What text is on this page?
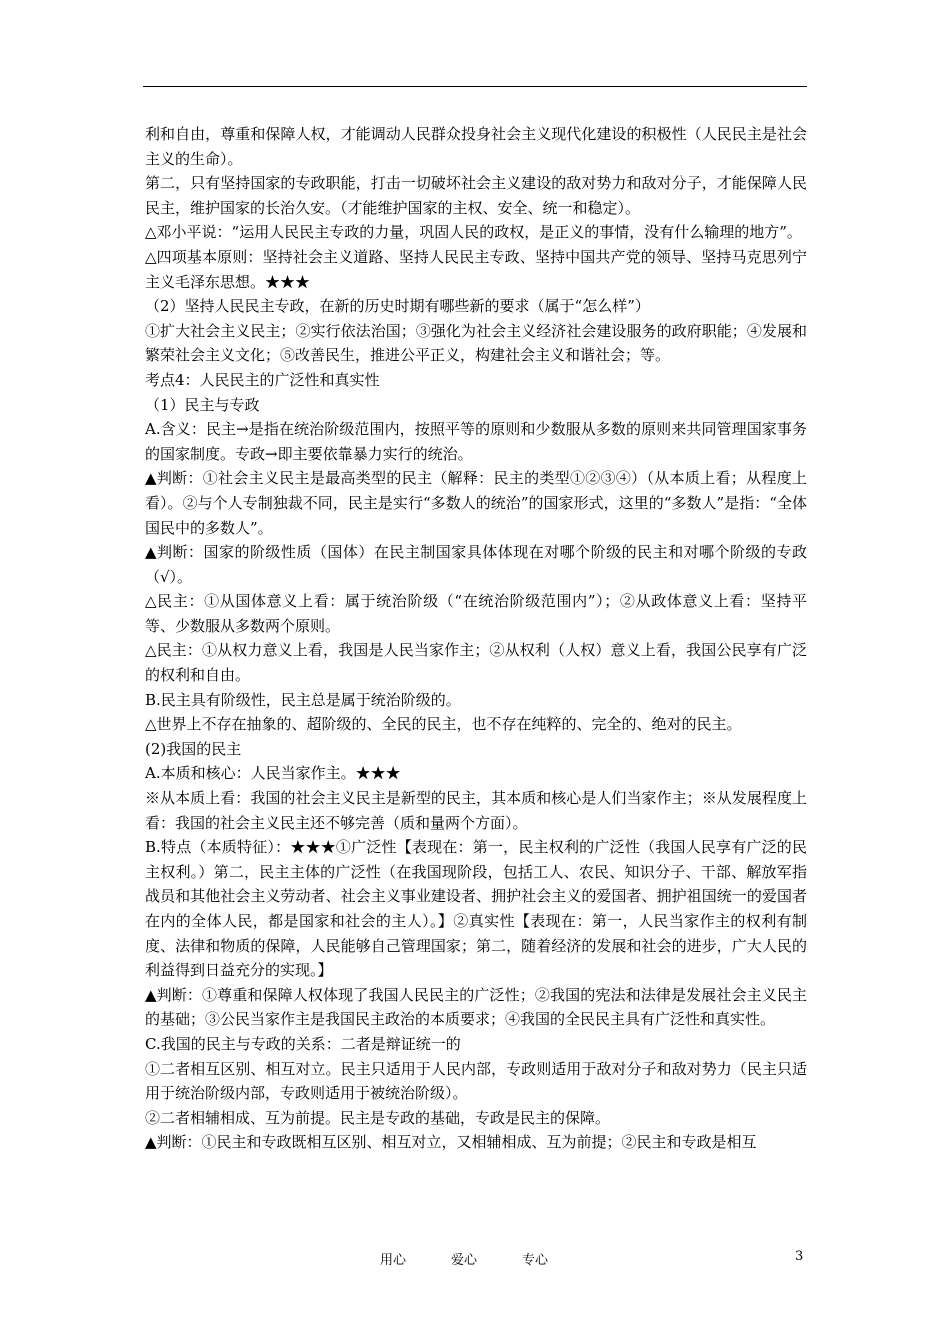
利和自由，尊重和保障人权，才能调动人民群众投身社会主义现代化建设的积极性（人民民主是社会主义的生命）。

第二，只有坚持国家的专政职能，打击一切破坏社会主义建设的敌对势力和敌对分子，才能保障人民民主，维护国家的长治久安。（才能维护国家的主权、安全、统一和稳定）。

△邓小平说：“运用人民民主专政的力量，巩固人民的政权，是正义的事情，没有什么输理的地方”。

△四项基本原则：坚持社会主义道路、坚持人民民主专政、坚持中国共产党的领导、坚持马克思列宁主义毛泽东思想。★★★

（2）坚持人民民主专政，在新的历史时期有哪些新的要求（属于“怎么样”）

①扩大社会主义民主；②实行依法治国；③强化为社会主义经济社会建设服务的政府职能；④发展和繁荣社会主义文化；⑤改善民生，推进公平正义，构建社会主义和谐社会；等。

考点4：人民民主的广泛性和真实性

（1）民主与专政

A.含义：民主→是指在统治阶级范围内，按照平等的原则和少数服从多数的原则来共同管理国家事务的国家制度。专政→即主要依靠暴力实行的统治。

▲判断：①社会主义民主是最高类型的民主（解释：民主的类型①②③④）（从本质上看；从程度上看）。②与个人专制独裁不同，民主是实行“多数人的统治”的国家形式，这里的“多数人”是指：“全体国民中的多数人”。

▲判断：国家的阶级性质（国体）在民主制国家具体体现在对哪个阶级的民主和对哪个阶级的专政（√）。

△民主：①从国体意义上看：属于统治阶级（“在统治阶级范围内”）；②从政体意义上看：坚持平等、少数服从多数两个原则。

△民主：①从权力意义上看，我国是人民当家作主；②从权利（人权）意义上看，我国公民享有广泛的权利和自由。

B.民主具有阶级性，民主总是属于统治阶级的。

△世界上不存在抽象的、超阶级的、全民的民主，也不存在纯粹的、完全的、绝对的民主。

(2)我国的民主

A.本质和核心：人民当家作主。★★★

※从本质上看：我国的社会主义民主是新型的民主，其本质和核心是人们当家作主；※从发展程度上看：我国的社会主义民主还不够完善（质和量两个方面）。

B.特点（本质特征）：★★★①广泛性【表现在：第一，民主权利的广泛性（我国人民享有广泛的民主权利。）第二，民主主体的广泛性（在我国现阶段，包括工人、农民、知识分子、干部、解放军指战员和其他社会主义劳动者、社会主义事业建设者、拥护社会主义的爱国者、拥护祖国统一的爱国者在内的全体人民，都是国家和社会的主人）。】②真实性【表现在：第一，人民当家作主的权利有制度、法律和物质的保障，人民能够自己管理国家；第二，随着经济的发展和社会的进步，广大人民的利益得到日益充分的实现。】

▲判断：①尊重和保障人权体现了我国人民民主的广泛性；②我国的宪法和法律是发展社会主义民主的基础；③公民当家作主是我国民主政治的本质要求；④我国的全民民主具有广泛性和真实性。

C.我国的民主与专政的关系：二者是辩证统一的

①二者相互区别、相互对立。民主只适用于人民内部，专政则适用于敌对分子和敌对势力（民主只适用于统治阶级内部，专政则适用于被统治阶级）。

②二者相辅相成、互为前提。民主是专政的基础，专政是民主的保障。

▲判断：①民主和专政既相互区别、相互对立，又相辅相成、互为前提；②民主和专政是相互

用心	爱心	专心	3
